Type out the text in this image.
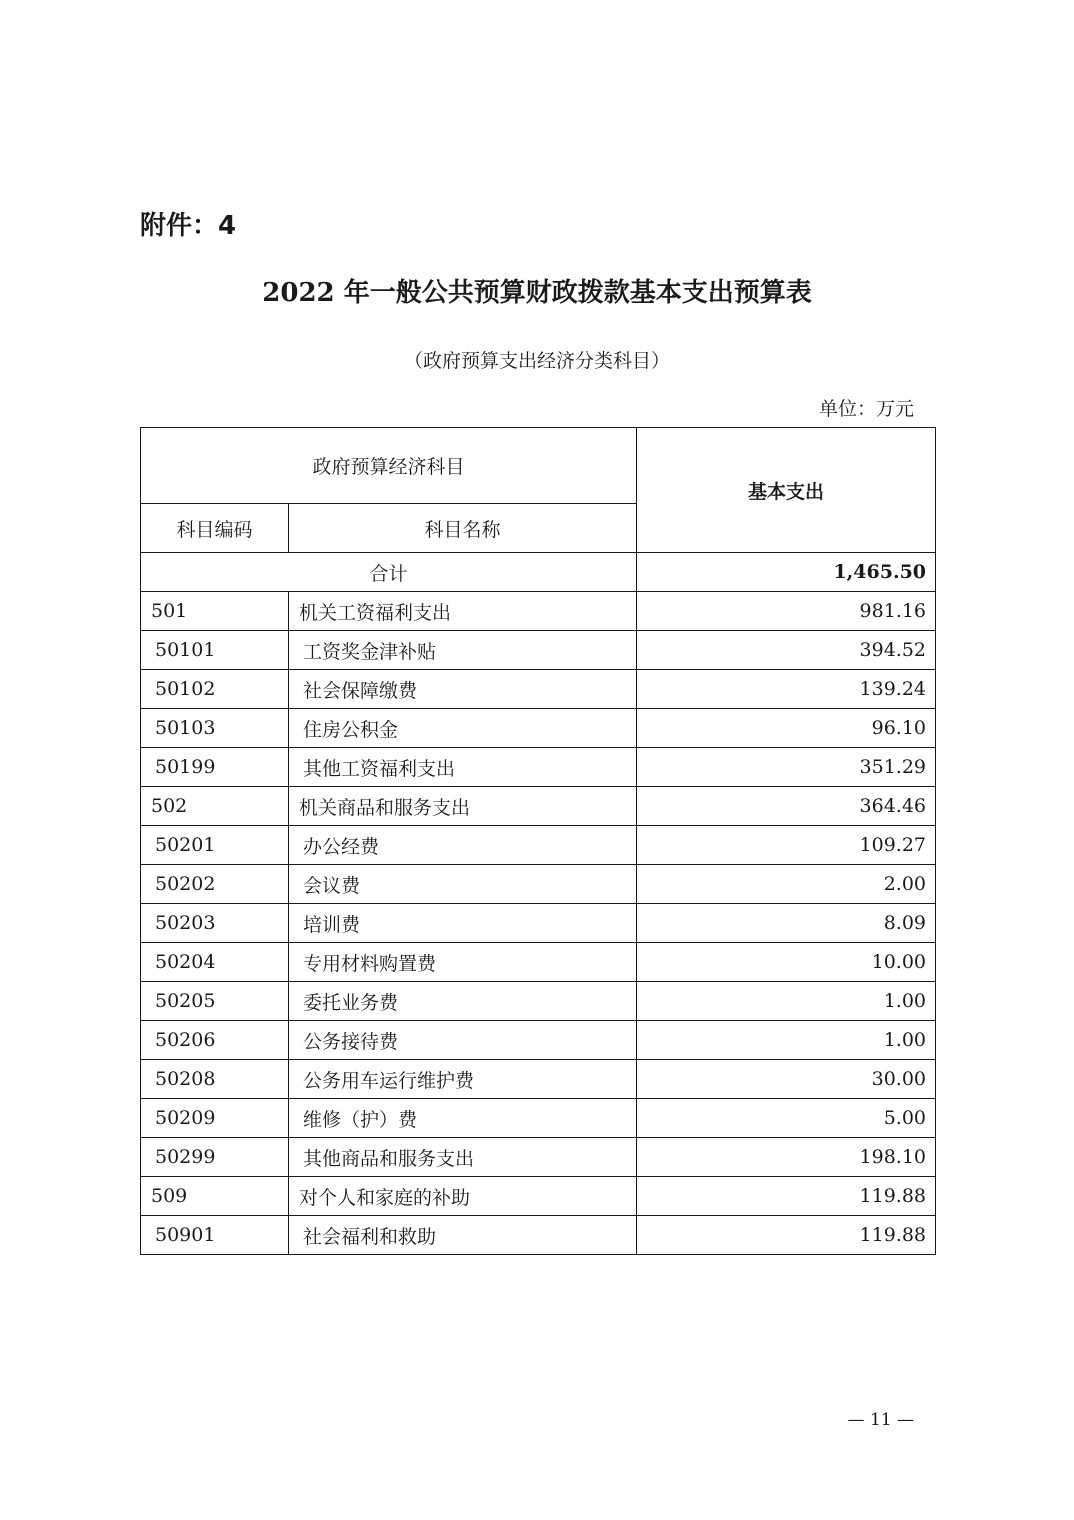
附件：4
2022 年一般公共预算财政拨款基本支出预算表
（政府预算支出经济分类科目）
单位：万元
政府预算经济科目		基本支出
科目编码	科目名称	
合计		1,465.50
501	机关工资福利支出	981.16
50101	工资奖金津补贴	394.52
50102	社会保障缴费	139.24
50103	住房公积金	96.10
50199	其他工资福利支出	351.29
502	机关商品和服务支出	364.46
50201	办公经费	109.27
50202	会议费	2.00
50203	培训费	8.09
50204	专用材料购置费	10.00
50205	委托业务费	1.00
50206	公务接待费	1.00
50208	公务用车运行维护费	30.00
50209	维修（护）费	5.00
50299	其他商品和服务支出	198.10
509	对个人和家庭的补助	119.88
50901	社会福利和救助	119.88
— 11 —
